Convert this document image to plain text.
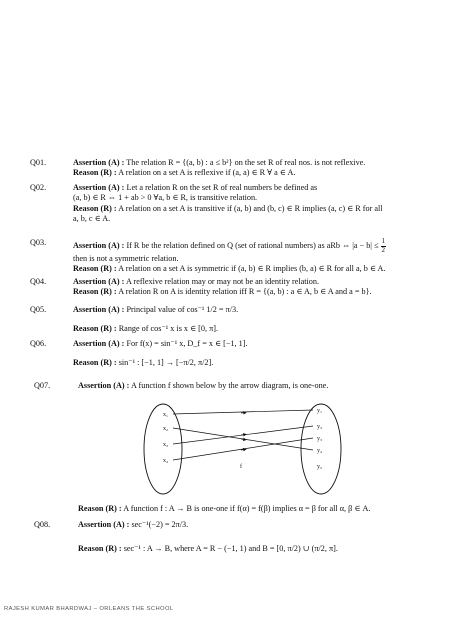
Q01.	Assertion (A) : The relation R = {(a, b) : a ≤ b²} on the set R of real nos. is not reflexive.
Reason (R) : A relation on a set A is reflexive if (a, a) ∈ R ∀ a ∈ A.
Q02.	Assertion (A) : Let a relation R on the set R of real numbers be defined as
(a, b) ∈ R ⇔ 1 + ab > 0 ∀a, b ∈ R, is transitive relation.
Reason (R) : A relation on a set A is transitive if (a, b) and (b, c) ∈ R implies (a, c) ∈ R for all
a, b, c ∈ A.
Q03.	Assertion (A) : If R be the relation defined on Q (set of rational numbers) as aRb ⇔ $|a - b| \le \frac{1}{2}$
then is not a symmetric relation.
Reason (R) : A relation on a set A is symmetric if (a, b) ∈ R implies (b, a) ∈ R for all a, b ∈ A.
Q04.	Assertion (A) : A reflexive relation may or may not be an identity relation.
Reason (R) : A relation R on A is identity relation iff R = {(a, b) : a ∈ A, b ∈ A and a = b}.
Q05.	Assertion (A) : Principal value of cos⁻¹ 1/2 = π/3.
Reason (R) : Range of cos⁻¹ x is x ∈ [0, π].
Q06.	Assertion (A) : For f(x) = sin⁻¹ x, D_f = x ∈ [−1, 1].
Reason (R) : sin⁻¹ : [−1, 1] → [−π/2, π/2].
Q07.	Assertion (A) : A function f shown below by the arrow diagram, is one-one.
x₁
x₂
x₃
x₄
y₁
y₂
y₃
y₄
y₅
f
Reason (R) : A function f : A → B is one-one if f(α) = f(β) implies α = β for all α, β ∈ A.
Q08.	Assertion (A) : sec⁻¹(−2) = 2π/3.
Reason (R) : sec⁻¹ : A → B, where A = R − (−1, 1) and B = [0, π/2) ∪ (π/2, π].
RAJESH KUMAR BHARDWAJ – ORLEANS THE SCHOOL
